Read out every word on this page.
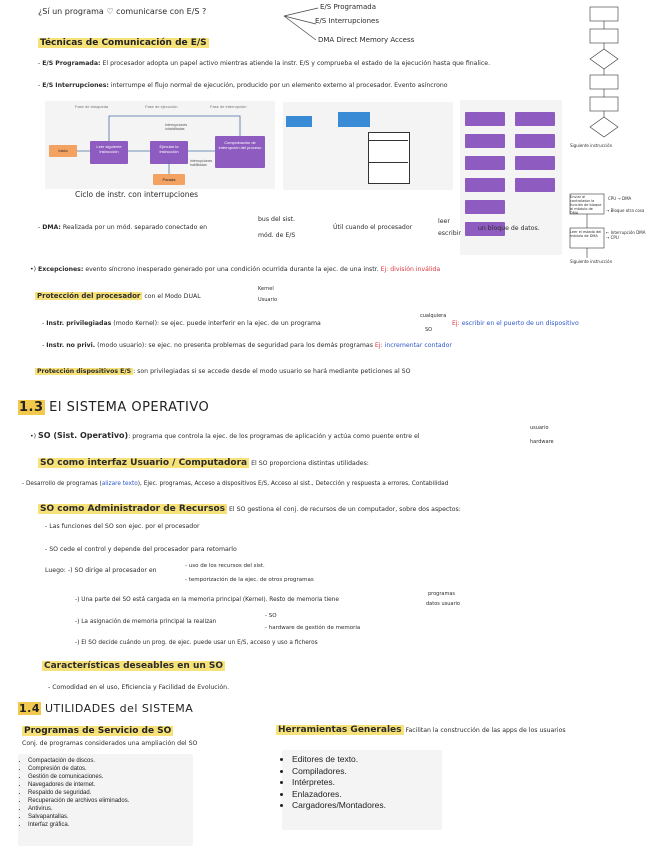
¿Sí un programa ♡ comunicarse con E/S ?	E/S Programada
E/S Interrupciones
DMA Direct Memory Access
Técnicas de Comunicación de E/S
- E/S Programada: El procesador adopta un papel activo mientras atiende la instr. E/S y comprueba el estado de la ejecución hasta que finalice.
- E/S Interrupciones: interrumpe el flujo normal de ejecución, producido por un elemento externo al procesador. Evento asíncrono
Fase de búsqueda	Fase de ejecución	Fase de interrupción
Inicio
Leer siguiente instrucción
Ejecutar la instrucción
Comprobación de interrupción del proceso
Parada
Interrupciones inhabilitadas
Interrupciones habilitadas
Ciclo de instr. con interrupciones
Siguiente instrucción
Enviar al controlador la función de bloque al módulo de DMA
Leer el estado del módulo de DMA
Siguiente instrucción
CPU → DMA
→ Bloque otra cosa
← Interrupción DMA → CPU
- DMA: Realizada por un mód. separado conectado en
bus del sist.
mód. de E/S
Útil cuando el procesador
leer
escribir
un bloque de datos.
•) Excepciones: evento síncrono inesperado generado por una condición ocurrida durante la ejec. de una instr. Ej: división inválida
Protección del procesador con el Modo DUAL
Kernel
Usuario
- Instr. privilegiadas (modo Kernel): se ejec. puede interferir en la ejec. de un programa
cualquiera
SO
Ej: escribir en el puerto de un dispositivo
- Instr. no privi. (modo usuario): se ejec. no presenta problemas de seguridad para los demás programas Ej: incrementar contador
Protección dispositivos E/S : son privilegiadas si se accede desde el modo usuario se hará mediante peticiones al SO
1.3 El SISTEMA OPERATIVO
•) SO (Sist. Operativo): programa que controla la ejec. de los programas de aplicación y actúa como puente entre el
usuario
hardware
SO como interfaz Usuario / Computadora El SO proporciona distintas utilidades:
- Desarrollo de programas (alizare texto), Ejec. programas, Acceso a dispositivos E/S, Acceso al sist., Detección y respuesta a errores, Contabilidad
SO como Administrador de Recursos El SO gestiona el conj. de recursos de un computador, sobre dos aspectos:
- Las funciones del SO son ejec. por el procesador
- SO cede el control y depende del procesador para retomarlo
Luego: -) SO dirige al procesador en
- uso de los recursos del sist.
- temporización de la ejec. de otros programas
-) Una parte del SO está cargada en la memoria principal (Kernel). Resto de memoria tiene
programas
datos usuario
-) La asignación de memoria principal la realizan
- SO
- hardware de gestión de memoria
-) El SO decide cuándo un prog. de ejec. puede usar un E/S, acceso y uso a ficheros
Características deseables en un SO
- Comodidad en el uso, Eficiencia y Facilidad de Evolución.
1.4 UTILIDADES del SISTEMA
Programas de Servicio de SO
Conj. de programas considerados una ampliación del SO
• Compactación de discos.
• Compresión de datos.
• Gestión de comunicaciones.
• Navegadores de internet.
• Respaldo de seguridad.
• Recuperación de archivos eliminados.
• Antivirus.
• Salvapantallas.
• Interfaz gráfica.
Herramientas Generales Facilitan la construcción de las apps de los usuarios
• Editores de texto.
• Compiladores.
• Intérpretes.
• Enlazadores.
• Cargadores/Montadores.
